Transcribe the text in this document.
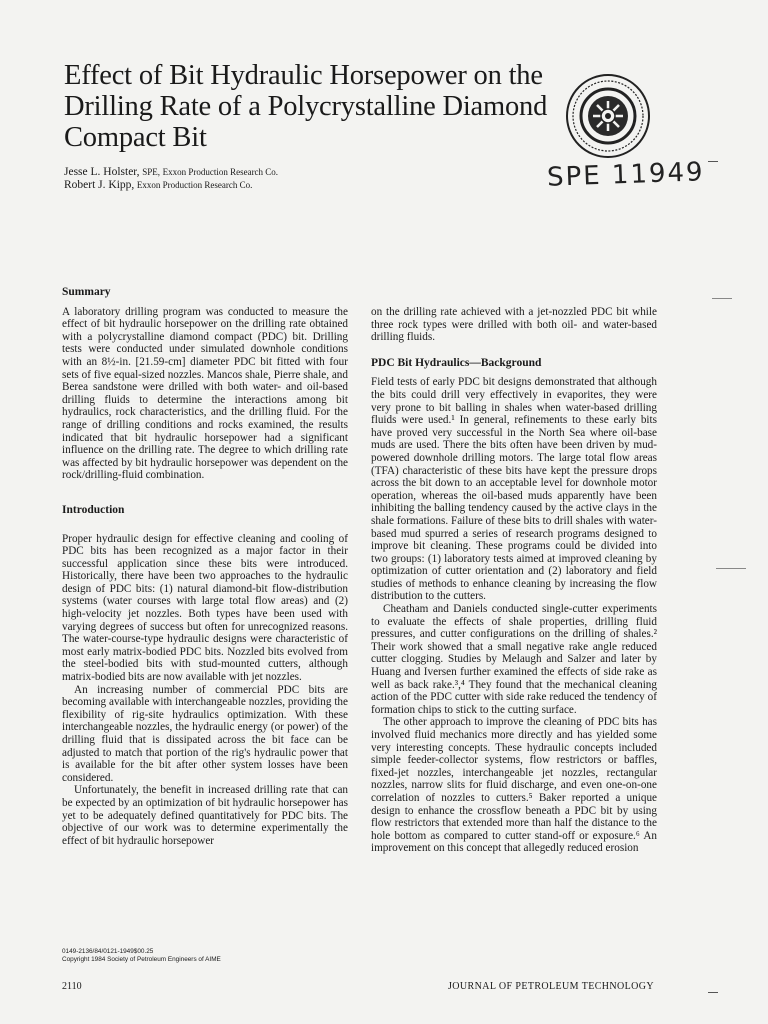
Effect of Bit Hydraulic Horsepower on the Drilling Rate of a Polycrystalline Diamond Compact Bit
Jesse L. Holster, SPE, Exxon Production Research Co.
Robert J. Kipp, Exxon Production Research Co.	SPE 11949
Summary

A laboratory drilling program was conducted to measure the effect of bit hydraulic horsepower on the drilling rate obtained with a polycrystalline diamond compact (PDC) bit. Drilling tests were conducted under simulated downhole conditions with an 8½-in. [21.59-cm] diameter PDC bit fitted with four sets of five equal-sized nozzles. Mancos shale, Pierre shale, and Berea sandstone were drilled with both water- and oil-based drilling fluids to determine the interactions among bit hydraulics, rock characteristics, and the drilling fluid. For the range of drilling conditions and rocks examined, the results indicated that bit hydraulic horsepower had a significant influence on the drilling rate. The degree to which drilling rate was affected by bit hydraulic horsepower was dependent on the rock/drilling-fluid combination.

Introduction

Proper hydraulic design for effective cleaning and cooling of PDC bits has been recognized as a major factor in their successful application since these bits were introduced. Historically, there have been two approaches to the hydraulic design of PDC bits: (1) natural diamond-bit flow-distribution systems (water courses with large total flow areas) and (2) high-velocity jet nozzles. Both types have been used with varying degrees of success but often for unrecognized reasons. The water-course-type hydraulic designs were characteristic of most early matrix-bodied PDC bits. Nozzled bits evolved from the steel-bodied bits with stud-mounted cutters, although matrix-bodied bits are now available with jet nozzles.

An increasing number of commercial PDC bits are becoming available with interchangeable nozzles, providing the flexibility of rig-site hydraulics optimization. With these interchangeable nozzles, the hydraulic energy (or power) of the drilling fluid that is dissipated across the bit face can be adjusted to match that portion of the rig's hydraulic power that is available for the bit after other system losses have been considered.

Unfortunately, the benefit in increased drilling rate that can be expected by an optimization of bit hydraulic horsepower has yet to be adequately defined quantitatively for PDC bits. The objective of our work was to determine experimentally the effect of bit hydraulic horsepower

on the drilling rate achieved with a jet-nozzled PDC bit while three rock types were drilled with both oil- and water-based drilling fluids.

PDC Bit Hydraulics—Background

Field tests of early PDC bit designs demonstrated that although the bits could drill very effectively in evaporites, they were very prone to bit balling in shales when water-based drilling fluids were used.¹ In general, refinements to these early bits have proved very successful in the North Sea where oil-base muds are used. There the bits often have been driven by mud-powered downhole drilling motors. The large total flow areas (TFA) characteristic of these bits have kept the pressure drops across the bit down to an acceptable level for downhole motor operation, whereas the oil-based muds apparently have been inhibiting the balling tendency caused by the active clays in the shale formations. Failure of these bits to drill shales with water-based mud spurred a series of research programs designed to improve bit cleaning. These programs could be divided into two groups: (1) laboratory tests aimed at improved cleaning by optimization of cutter orientation and (2) laboratory and field studies of methods to enhance cleaning by increasing the flow distribution to the cutters.

Cheatham and Daniels conducted single-cutter experiments to evaluate the effects of shale properties, drilling fluid pressures, and cutter configurations on the drilling of shales.² Their work showed that a small negative rake angle reduced cutter clogging. Studies by Melaugh and Salzer and later by Huang and Iversen further examined the effects of side rake as well as back rake.³,⁴ They found that the mechanical cleaning action of the PDC cutter with side rake reduced the tendency of formation chips to stick to the cutting surface.

The other approach to improve the cleaning of PDC bits has involved fluid mechanics more directly and has yielded some very interesting concepts. These hydraulic concepts included simple feeder-collector systems, flow restrictors or baffles, fixed-jet nozzles, interchangeable jet nozzles, rectangular nozzles, narrow slits for fluid discharge, and even one-on-one correlation of nozzles to cutters.⁵ Baker reported a unique design to enhance the crossflow beneath a PDC bit by using flow restrictors that extended more than half the distance to the hole bottom as compared to cutter stand-off or exposure.⁶ An improvement on this concept that allegedly reduced erosion

0149-2136/84/0121-1949$00.25
Copyright 1984 Society of Petroleum Engineers of AIME
2110	JOURNAL OF PETROLEUM TECHNOLOGY
